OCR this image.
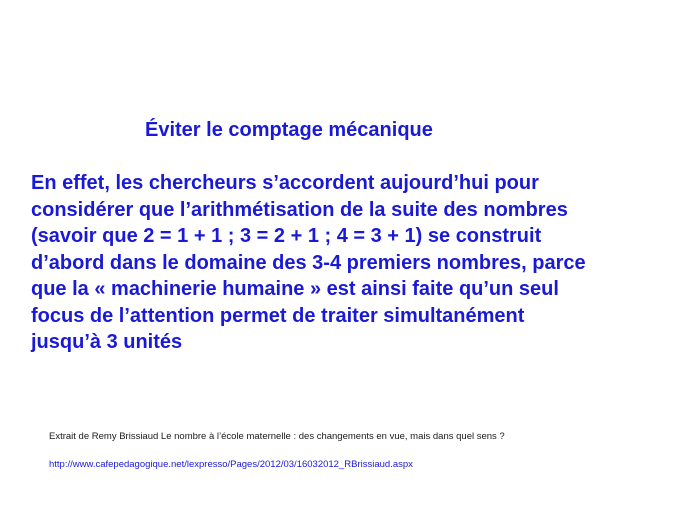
Éviter le comptage mécanique

En effet, les chercheurs s’accordent aujourd’hui pour
considérer que l’arithmétisation de la suite des nombres
(savoir que 2 = 1 + 1 ; 3 = 2 + 1 ; 4 = 3 + 1) se construit
d’abord dans le domaine des 3-4 premiers nombres, parce
que la « machinerie humaine » est ainsi faite qu’un seul
focus de l’attention permet de traiter simultanément
jusqu’à 3 unités

Extrait de Remy Brissiaud Le nombre à l’école maternelle : des changements en vue, mais dans quel sens ?

http://www.cafepedagogique.net/lexpresso/Pages/2012/03/16032012_RBrissiaud.aspx
